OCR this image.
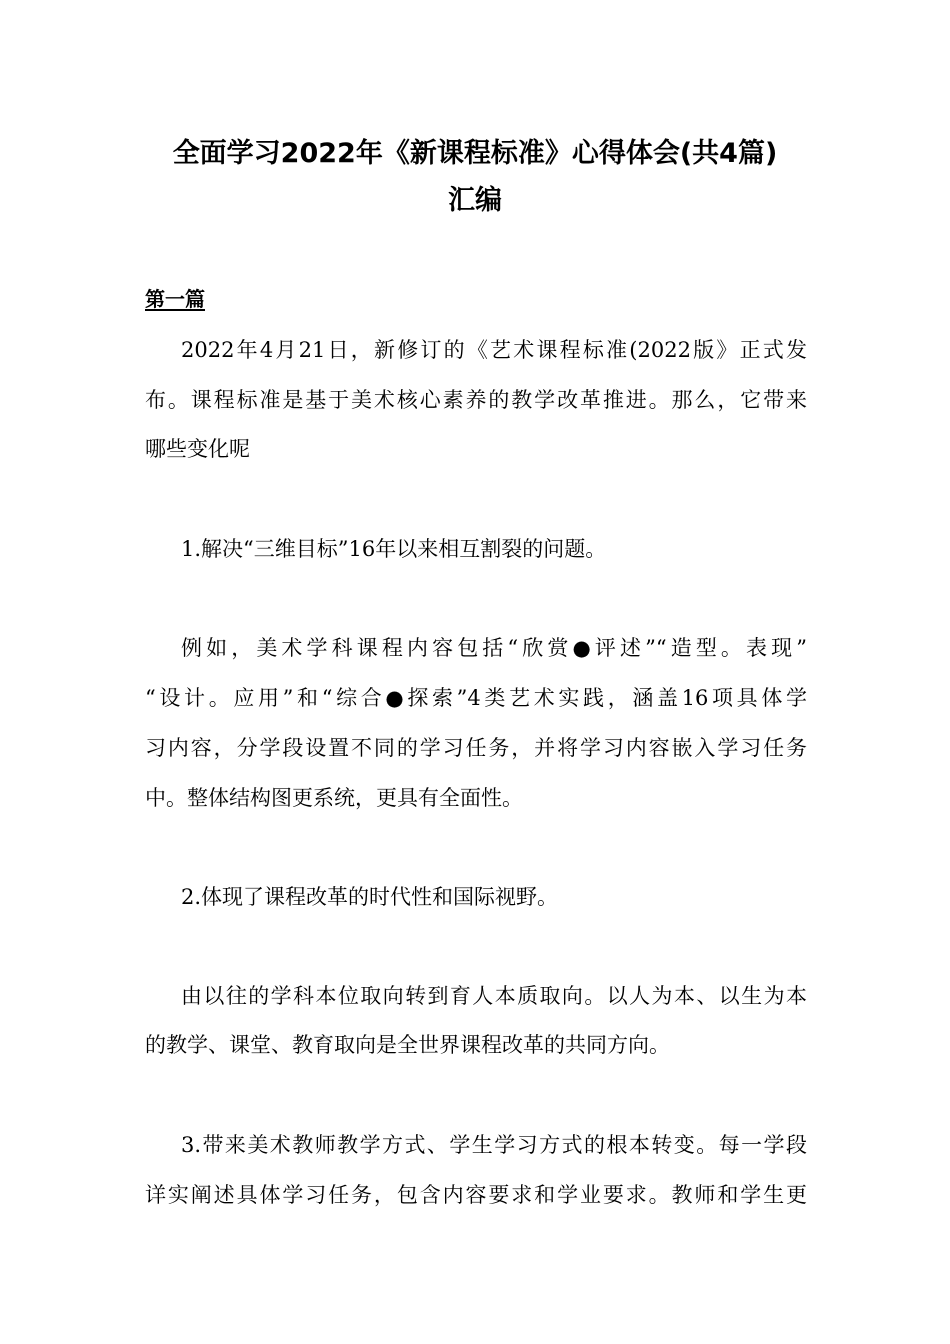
全面学习2022年《新课程标准》心得体会(共4篇)
汇编
第一篇
2022年4月21日，新修订的《艺术课程标准(2022版》正式发
布。课程标准是基于美术核心素养的教学改革推进。那么，它带来
哪些变化呢
1.解决“三维目标”16年以来相互割裂的问题。
例如，美术学科课程内容包括“欣赏●评述”“造型。表现”
“设计。应用”和“综合●探索”4类艺术实践，涵盖16项具体学
习内容，分学段设置不同的学习任务，并将学习内容嵌入学习任务
中。整体结构图更系统，更具有全面性。
2.体现了课程改革的时代性和国际视野。
由以往的学科本位取向转到育人本质取向。以人为本、以生为本
的教学、课堂、教育取向是全世界课程改革的共同方向。
3.带来美术教师教学方式、学生学习方式的根本转变。每一学段
详实阐述具体学习任务，包含内容要求和学业要求。教师和学生更
